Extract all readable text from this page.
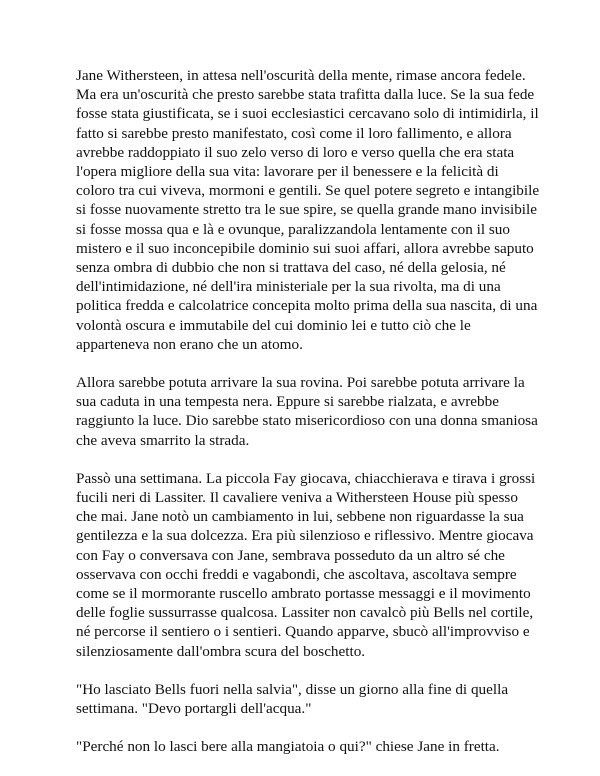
Jane Withersteen, in attesa nell'oscurità della mente, rimase ancora fedele.
Ma era un'oscurità che presto sarebbe stata trafitta dalla luce. Se la sua fede
fosse stata giustificata, se i suoi ecclesiastici cercavano solo di intimidirla, il
fatto si sarebbe presto manifestato, così come il loro fallimento, e allora
avrebbe raddoppiato il suo zelo verso di loro e verso quella che era stata
l'opera migliore della sua vita: lavorare per il benessere e la felicità di
coloro tra cui viveva, mormoni e gentili. Se quel potere segreto e intangibile
si fosse nuovamente stretto tra le sue spire, se quella grande mano invisibile
si fosse mossa qua e là e ovunque, paralizzandola lentamente con il suo
mistero e il suo inconcepibile dominio sui suoi affari, allora avrebbe saputo
senza ombra di dubbio che non si trattava del caso, né della gelosia, né
dell'intimidazione, né dell'ira ministeriale per la sua rivolta, ma di una
politica fredda e calcolatrice concepita molto prima della sua nascita, di una
volontà oscura e immutabile del cui dominio lei e tutto ciò che le
apparteneva non erano che un atomo.

Allora sarebbe potuta arrivare la sua rovina. Poi sarebbe potuta arrivare la
sua caduta in una tempesta nera. Eppure si sarebbe rialzata, e avrebbe
raggiunto la luce. Dio sarebbe stato misericordioso con una donna smaniosa
che aveva smarrito la strada.

Passò una settimana. La piccola Fay giocava, chiacchierava e tirava i grossi
fucili neri di Lassiter. Il cavaliere veniva a Withersteen House più spesso
che mai. Jane notò un cambiamento in lui, sebbene non riguardasse la sua
gentilezza e la sua dolcezza. Era più silenzioso e riflessivo. Mentre giocava
con Fay o conversava con Jane, sembrava posseduto da un altro sé che
osservava con occhi freddi e vagabondi, che ascoltava, ascoltava sempre
come se il mormorante ruscello ambrato portasse messaggi e il movimento
delle foglie sussurrasse qualcosa. Lassiter non cavalcò più Bells nel cortile,
né percorse il sentiero o i sentieri. Quando apparve, sbucò all'improvviso e
silenziosamente dall'ombra scura del boschetto.

"Ho lasciato Bells fuori nella salvia", disse un giorno alla fine di quella
settimana. "Devo portargli dell'acqua."

"Perché non lo lasci bere alla mangiatoia o qui?" chiese Jane in fretta.
